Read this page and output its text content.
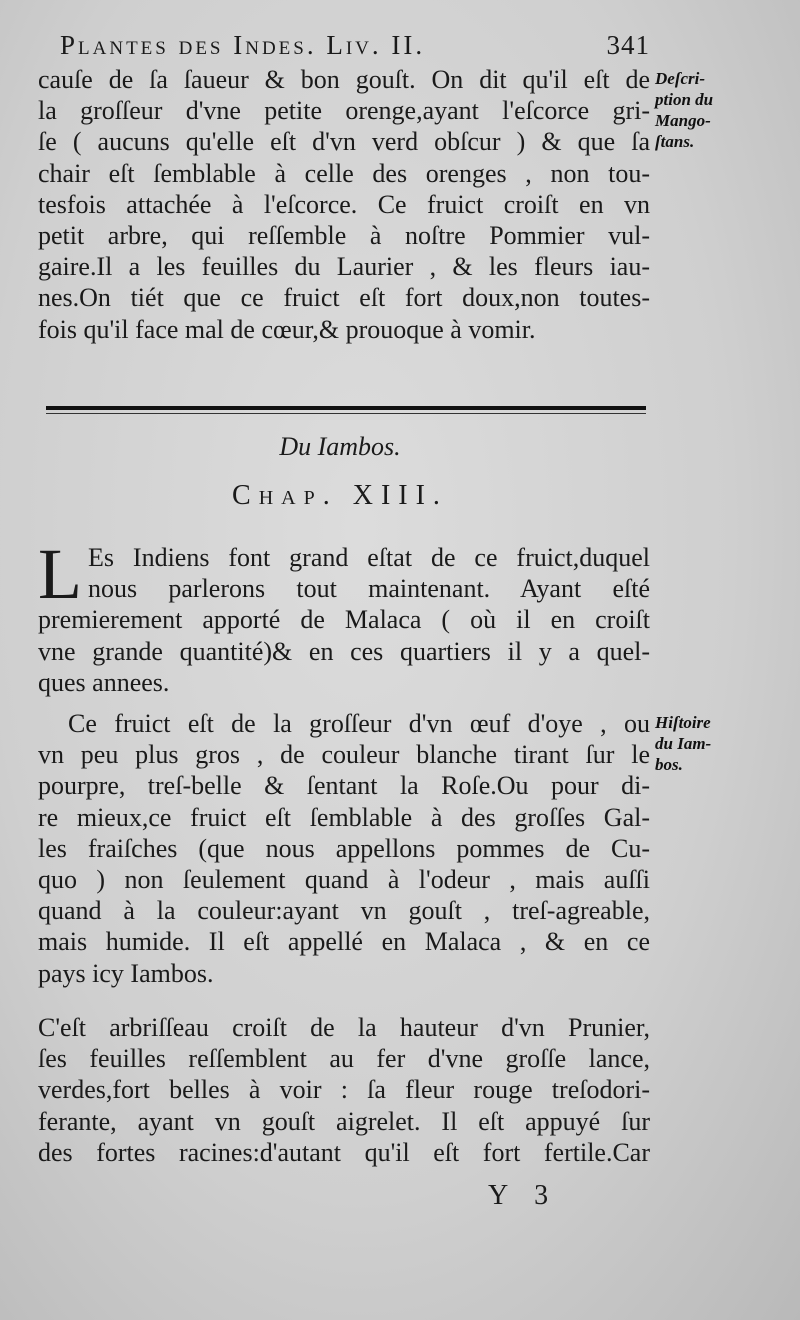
Plantes des Indes. Liv. II.	341
cauſe de ſa ſaueur & bon gouſt. On dit qu'il eſt de
la groſſeur d'vne petite orenge,ayant l'eſcorce gri-
ſe ( aucuns qu'elle eſt d'vn verd obſcur ) & que ſa
chair eſt ſemblable à celle des orenges , non tou-
tesfois attachée à l'eſcorce. Ce fruict croiſt en vn
petit arbre, qui reſſemble à noſtre Pommier vul-
gaire.Il a les feuilles du Laurier , & les fleurs iau-
nes.On tiét que ce fruict eſt fort doux,non toutes-
fois qu'il face mal de cœur,& prouoque à vomir.
Deſcri-
ption du
Mango-
ſtans.
Du Iambos.
Chap. XIII.
L Es Indiens font grand eſtat de ce fruict,duquel
nous parlerons tout maintenant. Ayant eſté
premierement apporté de Malaca ( où il en croiſt
vne grande quantité)& en ces quartiers il y a quel-
ques annees.
Ce fruict eſt de la groſſeur d'vn œuf d'oye , ou
vn peu plus gros , de couleur blanche tirant ſur le
pourpre, treſ-belle & ſentant la Roſe.Ou pour di-
re mieux,ce fruict eſt ſemblable à des groſſes Gal-
les fraiſches (que nous appellons pommes de Cu-
quo ) non ſeulement quand à l'odeur , mais auſſi
quand à la couleur:ayant vn gouſt , treſ-agreable,
mais humide. Il eſt appellé en Malaca , & en ce
pays icy Iambos.
Hiſtoire
du Iam-
bos.
C'eſt arbriſſeau croiſt de la hauteur d'vn Prunier,
ſes feuilles reſſemblent au fer d'vne groſſe lance,
verdes,fort belles à voir : ſa fleur rouge treſodori-
ferante, ayant vn gouſt aigrelet. Il eſt appuyé ſur
des fortes racines:d'autant qu'il eſt fort fertile.Car
Y 3
